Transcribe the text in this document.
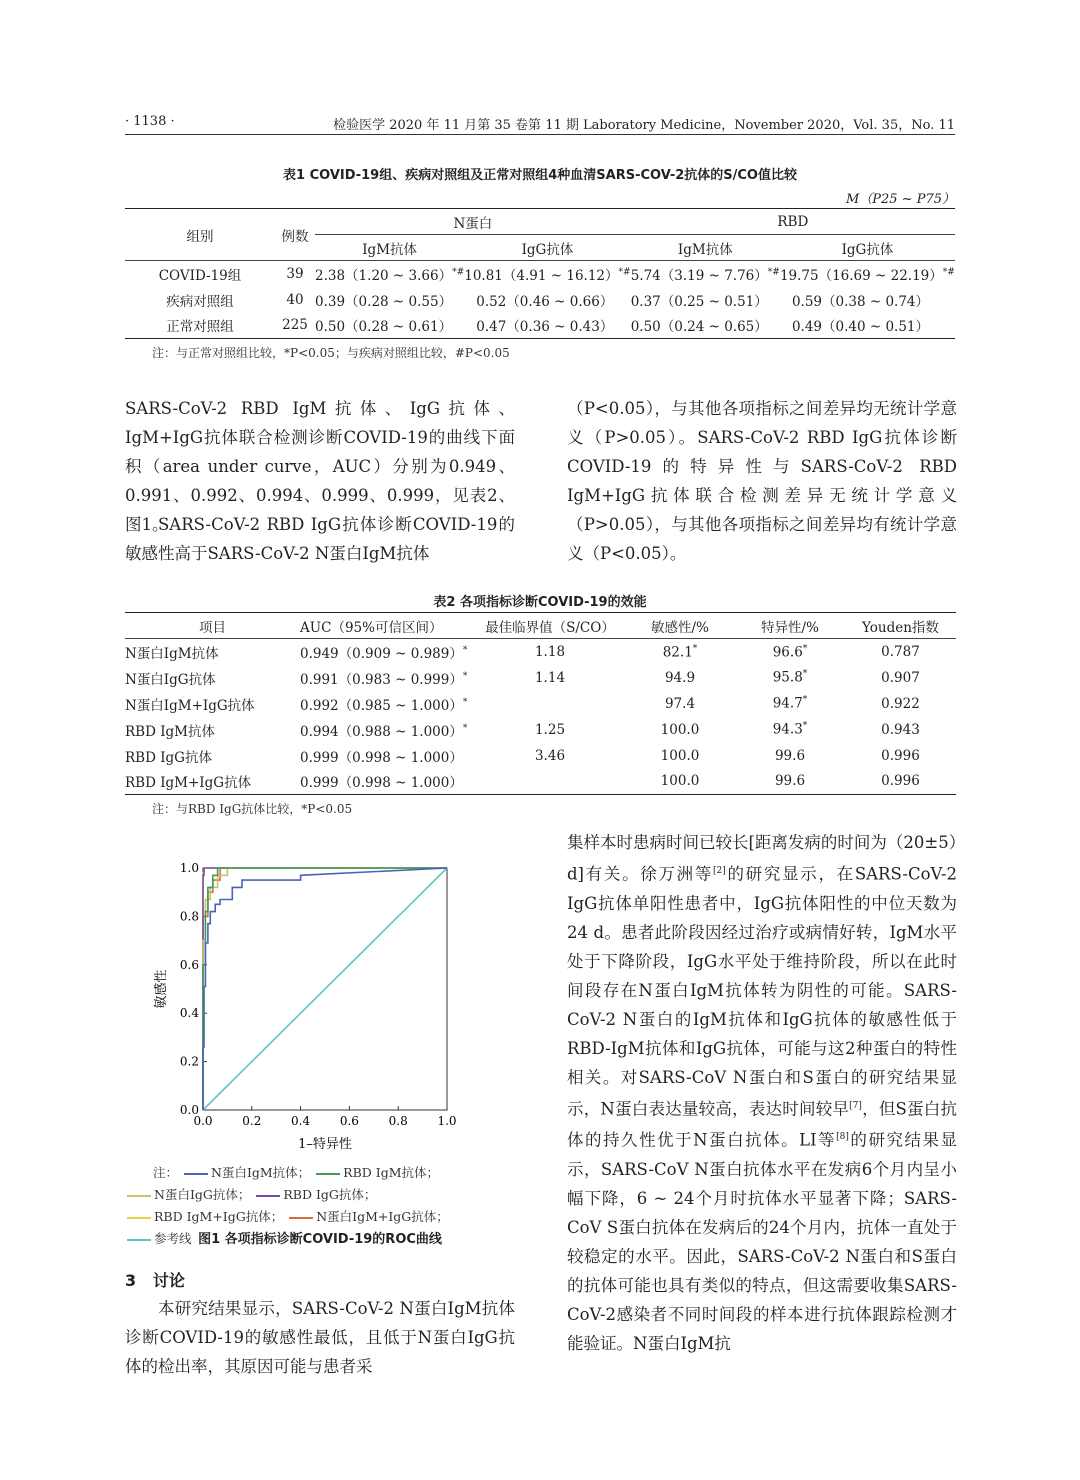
· 1138 ·	检验医学 2020 年 11 月第 35 卷第 11 期 Laboratory Medicine，November 2020，Vol. 35，No. 11
表1 COVID-19组、疾病对照组及正常对照组4种血清SARS-COV-2抗体的S/CO值比较
M（P25 ~ P75）
组别	例数	N蛋白		RBD	
		IgM抗体	IgG抗体	IgM抗体	IgG抗体
COVID-19组	39	2.38（1.20 ~ 3.66）*#	10.81（4.91 ~ 16.12）*#	5.74（3.19 ~ 7.76）*#	19.75（16.69 ~ 22.19）*#
疾病对照组	40	0.39（0.28 ~ 0.55）	0.52（0.46 ~ 0.66）	0.37（0.25 ~ 0.51）	0.59（0.38 ~ 0.74）
正常对照组	225	0.50（0.28 ~ 0.61）	0.47（0.36 ~ 0.43）	0.50（0.24 ~ 0.65）	0.49（0.40 ~ 0.51）
注：与正常对照组比较，*P<0.05；与疾病对照组比较，#P<0.05
SARS-CoV-2 RBD IgM抗体、IgG抗体、IgM+IgG抗体联合检测诊断COVID-19的曲线下面积（area under curve，AUC）分别为0.949、0.991、0.992、0.994、0.999、0.999，见表2、图1。
SARS-CoV-2 RBD IgG抗体诊断COVID-19的敏感性高于SARS-CoV-2 N蛋白IgM抗体
（P<0.05），与其他各项指标之间差异均无统计学意义（P>0.05）。SARS-CoV-2 RBD IgG抗体诊断COVID-19的特异性与SARS-CoV-2 RBD IgM+IgG抗体联合检测差异无统计学意义（P>0.05），与其他各项指标之间差异均有统计学意义（P<0.05）。
表2 各项指标诊断COVID-19的效能
项目	AUC（95%可信区间）	最佳临界值（S/CO）	敏感性/%	特异性/%	Youden指数
N蛋白IgM抗体	0.949（0.909 ~ 0.989）*	1.18	82.1*	96.6*	0.787
N蛋白IgG抗体	0.991（0.983 ~ 0.999）*	1.14	94.9	95.8*	0.907
N蛋白IgM+IgG抗体	0.992（0.985 ~ 1.000）*		97.4	94.7*	0.922
RBD IgM抗体	0.994（0.988 ~ 1.000）*	1.25	100.0	94.3*	0.943
RBD IgG抗体	0.999（0.998 ~ 1.000）	3.46	100.0	99.6	0.996
RBD IgM+IgG抗体	0.999（0.998 ~ 1.000）		100.0	99.6	0.996
注：与RBD IgG抗体比较，*P<0.05
0.0 0.2 0.4 0.6 0.8 1.0
0.0
0.2
0.4
0.6
0.8
1.0
1–特异性
敏感性
注：	N蛋白IgM抗体；	RBD IgM抗体； N蛋白IgG抗体；	RBD IgG抗体； RBD IgM+IgG抗体；	N蛋白IgM+IgG抗体； 参考线 图1 各项指标诊断COVID-19的ROC曲线
3 讨论
本研究结果显示，SARS-CoV-2 N蛋白IgM抗体诊断COVID-19的敏感性最低，且低于N蛋白IgG抗体的检出率，其原因可能与患者采
集样本时患病时间已较长[距离发病的时间为（20±5）d]有关。徐万洲等[2]的研究显示，在SARS-CoV-2 IgG抗体单阳性患者中，IgG抗体阳性的中位天数为24 d。患者此阶段因经过治疗或病情好转，IgM水平处于下降阶段，IgG水平处于维持阶段，所以在此时间段存在N蛋白IgM抗体转为阴性的可能。SARS-CoV-2 N蛋白的IgM抗体和IgG抗体的敏感性低于RBD-IgM抗体和IgG抗体，可能与这2种蛋白的特性相关。对SARS-CoV N蛋白和S蛋白的研究结果显示，N蛋白表达量较高，表达时间较早[7]，但S蛋白抗体的持久性优于N蛋白抗体。LI等[8]的研究结果显示，SARS-CoV N蛋白抗体水平在发病6个月内呈小幅下降，6 ~ 24个月时抗体水平显著下降；SARS-CoV S蛋白抗体在发病后的24个月内，抗体一直处于较稳定的水平。因此，SARS-CoV-2 N蛋白和S蛋白的抗体可能也具有类似的特点，但这需要收集SARS-CoV-2感染者不同时间段的样本进行抗体跟踪检测才能验证。N蛋白IgM抗
